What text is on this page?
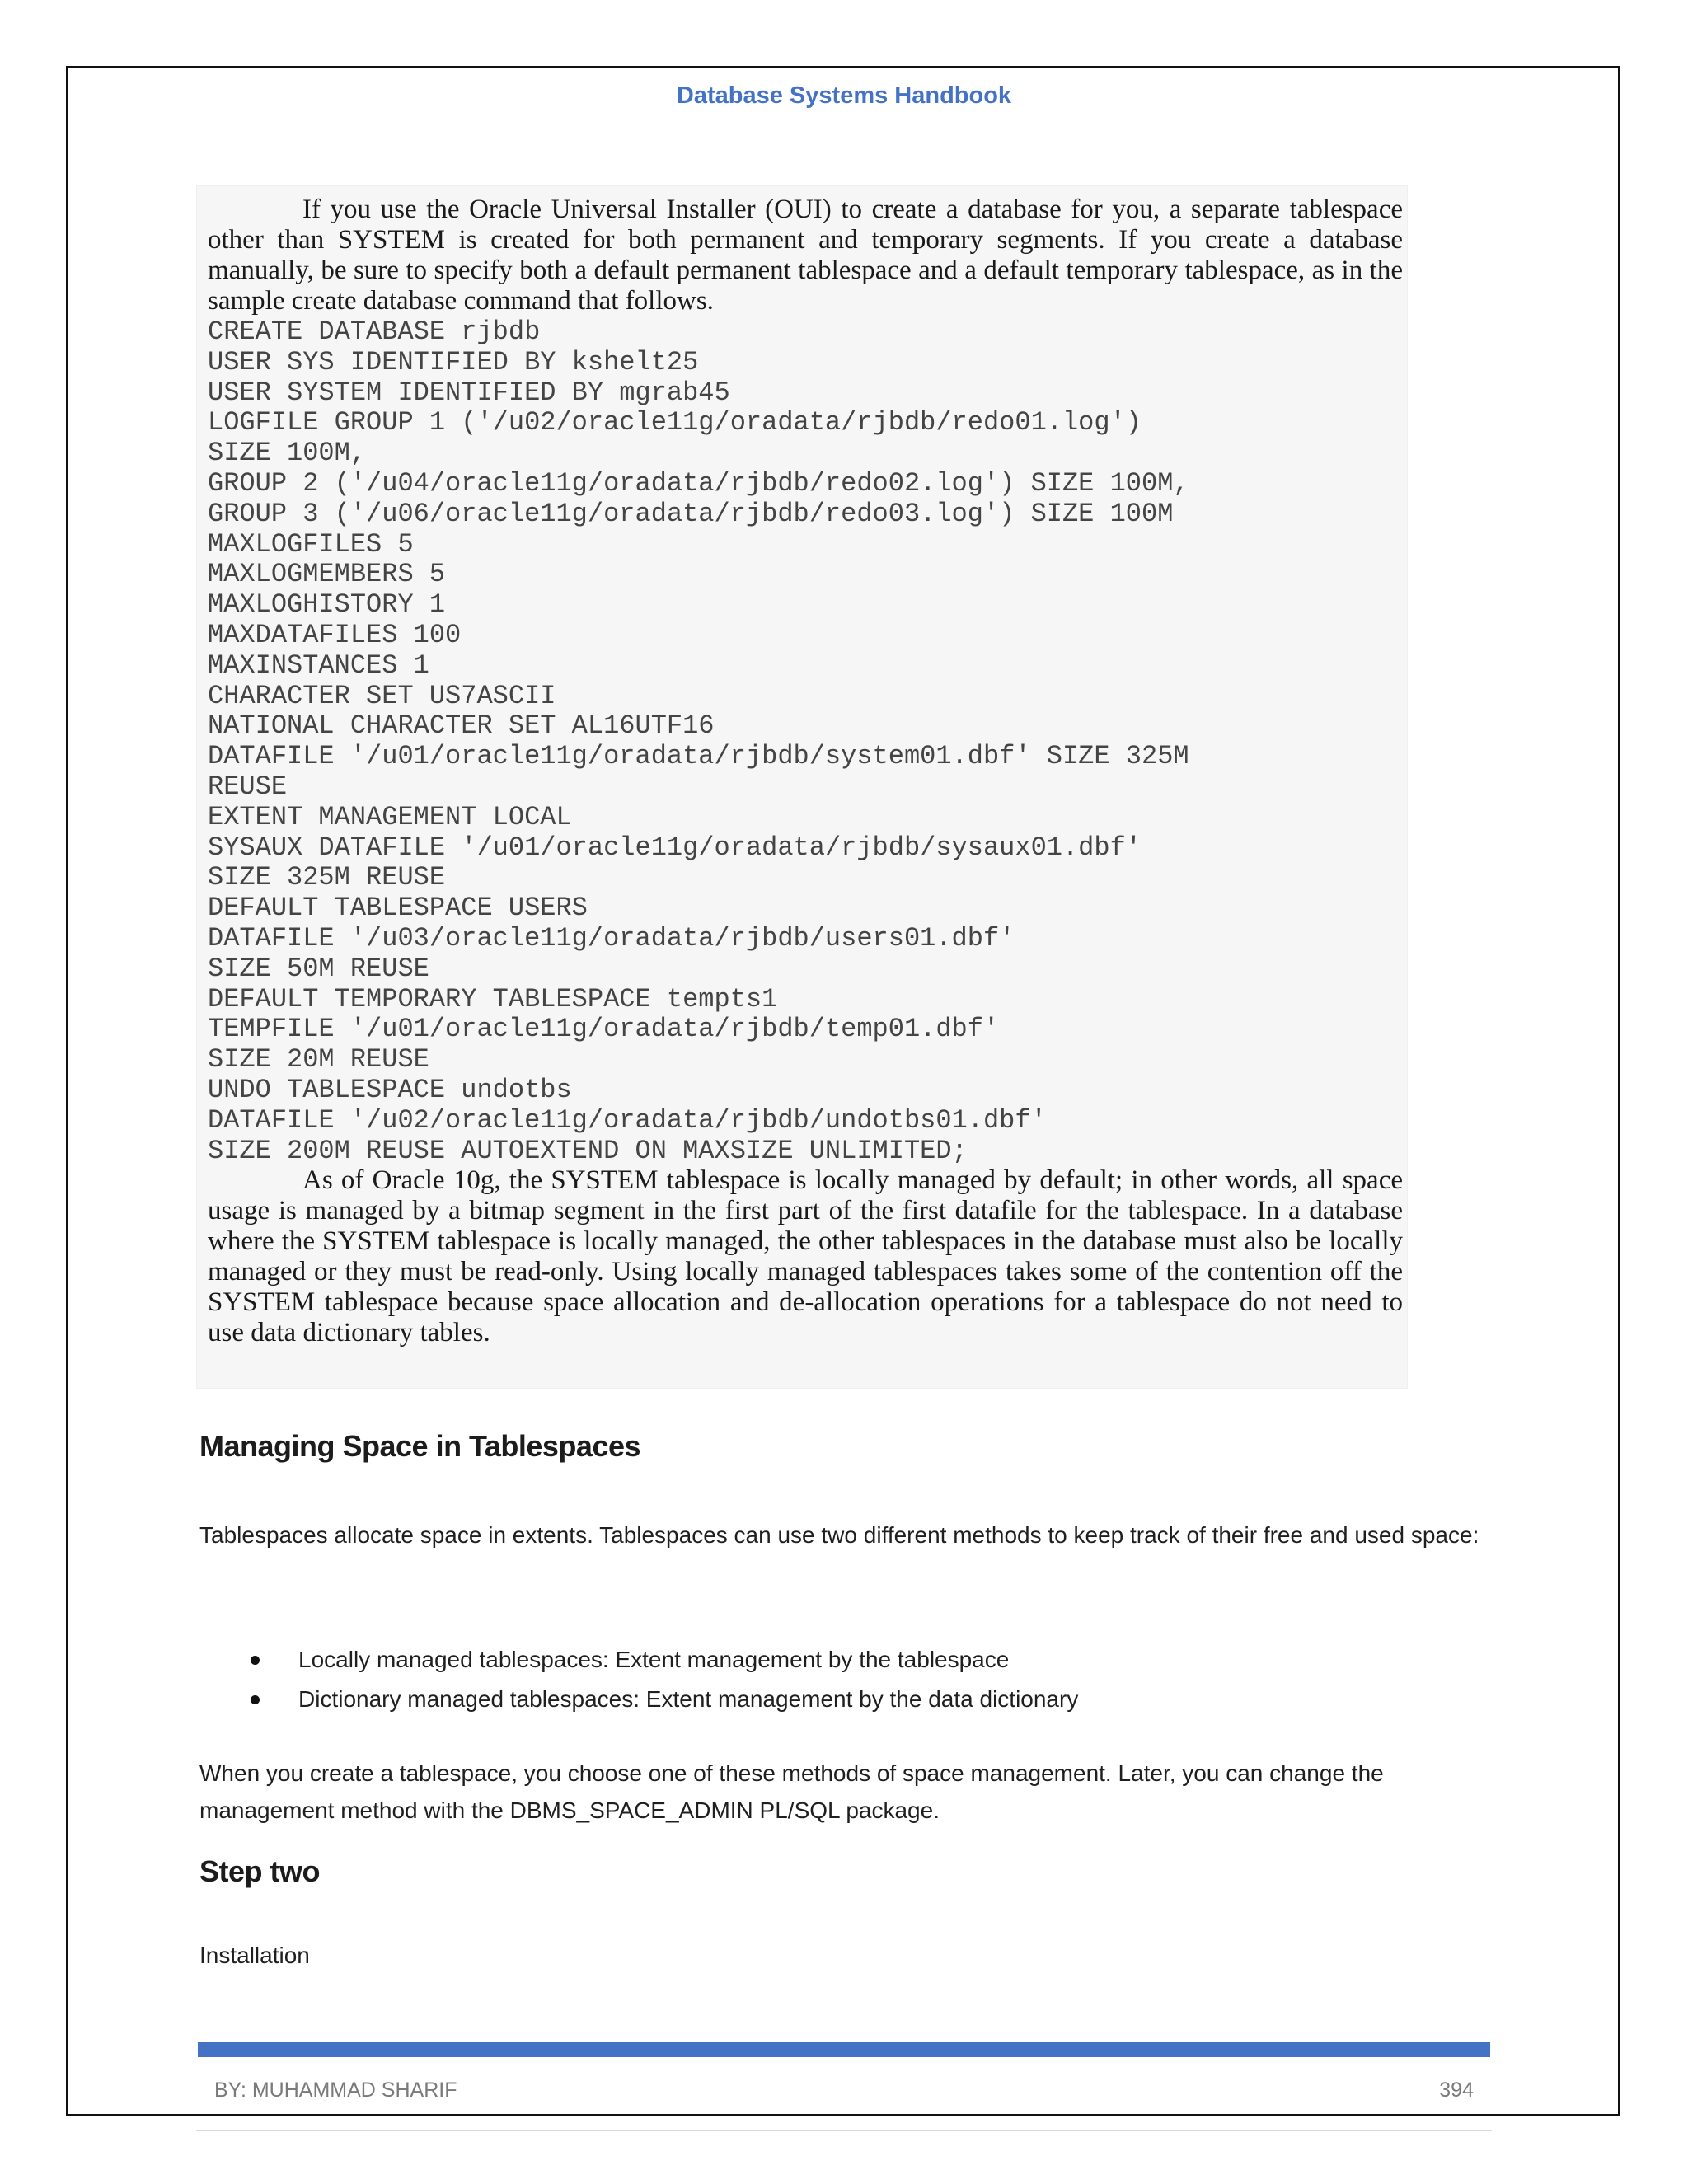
Database Systems Handbook
If you use the Oracle Universal Installer (OUI) to create a database for you, a separate tablespace other than SYSTEM is created for both permanent and temporary segments. If you create a database manually, be sure to specify both a default permanent tablespace and a default temporary tablespace, as in the sample create database command that follows.
CREATE DATABASE rjbdb
USER SYS IDENTIFIED BY kshelt25
USER SYSTEM IDENTIFIED BY mgrab45
LOGFILE GROUP 1 ('/u02/oracle11g/oradata/rjbdb/redo01.log')
SIZE 100M,
GROUP 2 ('/u04/oracle11g/oradata/rjbdb/redo02.log') SIZE 100M,
GROUP 3 ('/u06/oracle11g/oradata/rjbdb/redo03.log') SIZE 100M
MAXLOGFILES 5
MAXLOGMEMBERS 5
MAXLOGHISTORY 1
MAXDATAFILES 100
MAXINSTANCES 1
CHARACTER SET US7ASCII
NATIONAL CHARACTER SET AL16UTF16
DATAFILE '/u01/oracle11g/oradata/rjbdb/system01.dbf' SIZE 325M
REUSE
EXTENT MANAGEMENT LOCAL
SYSAUX DATAFILE '/u01/oracle11g/oradata/rjbdb/sysaux01.dbf'
SIZE 325M REUSE
DEFAULT TABLESPACE USERS
DATAFILE '/u03/oracle11g/oradata/rjbdb/users01.dbf'
SIZE 50M REUSE
DEFAULT TEMPORARY TABLESPACE tempts1
TEMPFILE '/u01/oracle11g/oradata/rjbdb/temp01.dbf'
SIZE 20M REUSE
UNDO TABLESPACE undotbs
DATAFILE '/u02/oracle11g/oradata/rjbdb/undotbs01.dbf'
SIZE 200M REUSE AUTOEXTEND ON MAXSIZE UNLIMITED;
As of Oracle 10g, the SYSTEM tablespace is locally managed by default; in other words, all space usage is managed by a bitmap segment in the first part of the first datafile for the tablespace. In a database where the SYSTEM tablespace is locally managed, the other tablespaces in the database must also be locally managed or they must be read-only. Using locally managed tablespaces takes some of the contention off the SYSTEM tablespace because space allocation and de-allocation operations for a tablespace do not need to use data dictionary tables.
Managing Space in Tablespaces
Tablespaces allocate space in extents. Tablespaces can use two different methods to keep track of their free and used space:
Locally managed tablespaces: Extent management by the tablespace
Dictionary managed tablespaces: Extent management by the data dictionary
When you create a tablespace, you choose one of these methods of space management. Later, you can change the management method with the DBMS_SPACE_ADMIN PL/SQL package.
Step two
Installation
BY: MUHAMMAD SHARIF	394
